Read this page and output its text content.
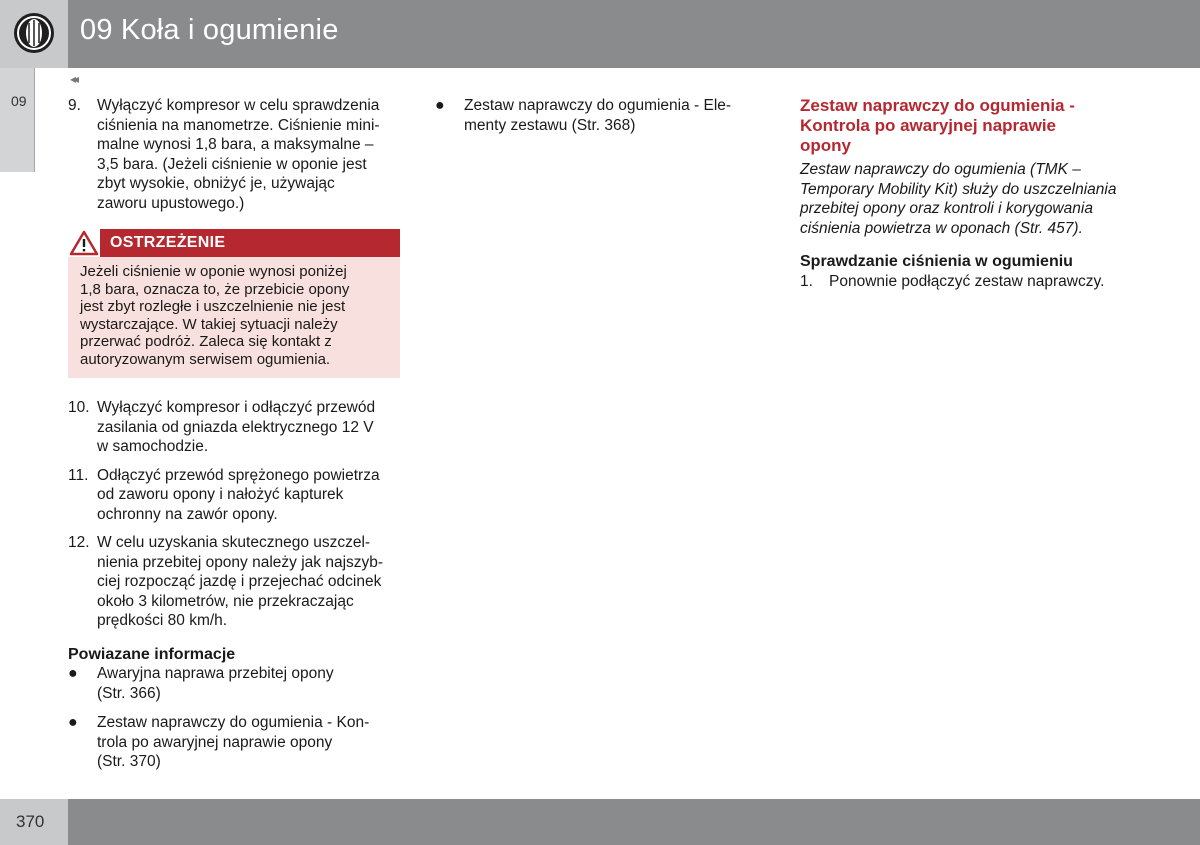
09 Koła i ogumienie
09
◂◂
9.	Wyłączyć kompresor w celu sprawdzenia
ciśnienia na manometrze. Ciśnienie mini-
malne wynosi 1,8 bara, a maksymalne –
3,5 bara. (Jeżeli ciśnienie w oponie jest
zbyt wysokie, obniżyć je, używając
zaworu upustowego.)
OSTRZEŻENIE
Jeżeli ciśnienie w oponie wynosi poniżej
1,8 bara, oznacza to, że przebicie opony
jest zbyt rozległe i uszczelnienie nie jest
wystarczające. W takiej sytuacji należy
przerwać podróż. Zaleca się kontakt z
autoryzowanym serwisem ogumienia.
10. Wyłączyć kompresor i odłączyć przewód
zasilania od gniazda elektrycznego 12 V
w samochodzie.
11. Odłączyć przewód sprężonego powietrza
od zaworu opony i nałożyć kapturek
ochronny na zawór opony.
12. W celu uzyskania skutecznego uszczel-
nienia przebitej opony należy jak najszyb-
ciej rozpocząć jazdę i przejechać odcinek
około 3 kilometrów, nie przekraczając
prędkości 80 km/h.
Powiazane informacje
●	Awaryjna naprawa przebitej opony
(Str. 366)
●	Zestaw naprawczy do ogumienia - Kon-
trola po awaryjnej naprawie opony
(Str. 370)
●	Zestaw naprawczy do ogumienia - Ele-
menty zestawu (Str. 368)
Zestaw naprawczy do ogumienia -
Kontrola po awaryjnej naprawie
opony
Zestaw naprawczy do ogumienia (TMK –
Temporary Mobility Kit) służy do uszczelniania
przebitej opony oraz kontroli i korygowania
ciśnienia powietrza w oponach (Str. 457).
Sprawdzanie ciśnienia w ogumieniu
1.	Ponownie podłączyć zestaw naprawczy.
370
